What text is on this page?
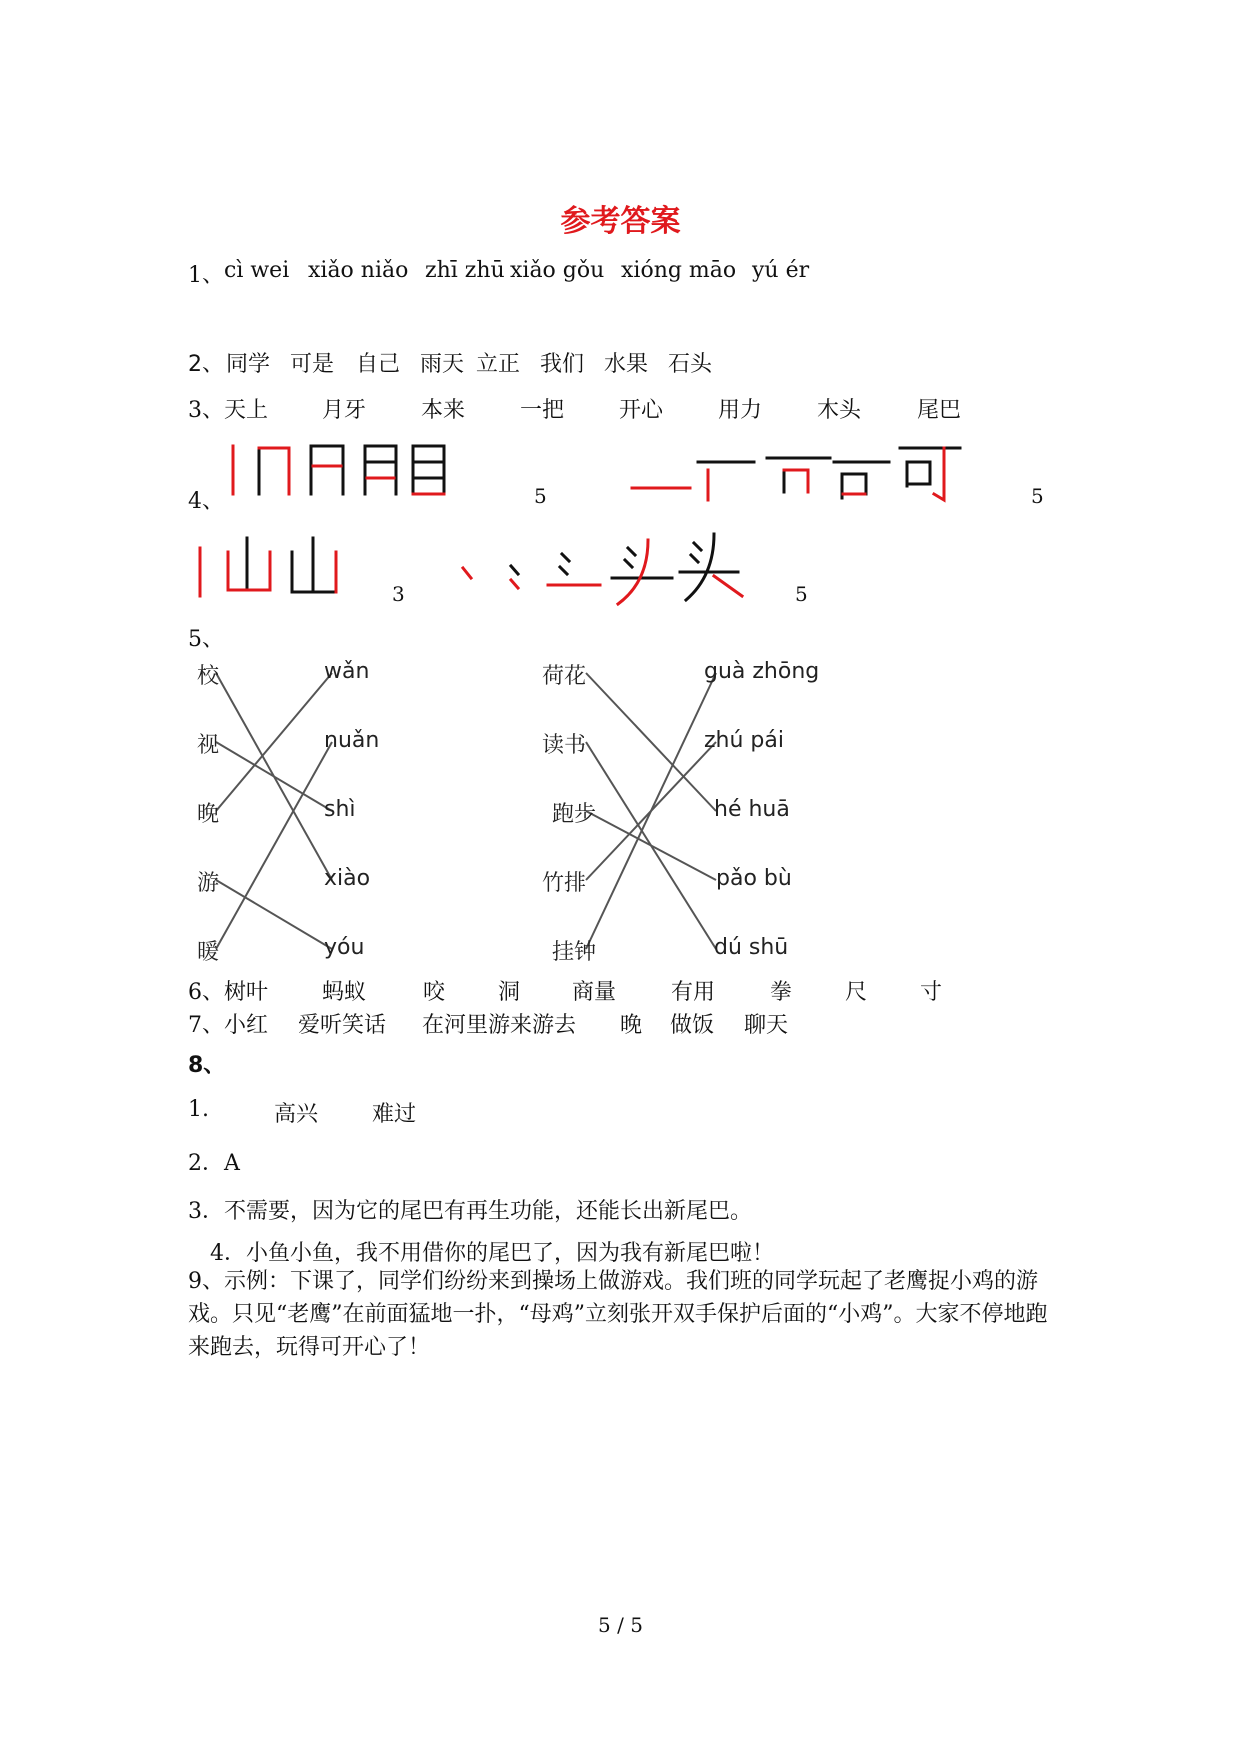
参考答案
1、 cì wei xiǎo niǎo zhī zhū xiǎo gǒu xióng māo yú ér
2、 同学 可是 自己 雨天 立正 我们 水果 石头
3、 天上 月牙 本来 一把 开心 用力 木头	尾巴
4、	5	5
3	5
5、
校
视
晚
游
暖
wǎn
nuǎn
shì
xiào
yóu
荷花
读书
跑步
竹排
挂钟
guà zhōng
zhú pái
hé huā
pǎo bù
dú shū
6、 树叶 蚂蚁	咬 洞 商量 有用 拳 尺 寸
7、 小红 爱听笑话 在河里游来游去 晚 做饭 聊天
8、
1.	高兴 难过
2．A
3．不需要，因为它的尾巴有再生功能，还能长出新尾巴。
4．小鱼小鱼，我不用借你的尾巴了，因为我有新尾巴啦！
9、示例：下课了，同学们纷纷来到操场上做游戏。我们班的同学玩起了老鹰捉小鸡的游戏。只见“老鹰”在前面猛地一扑，“母鸡”立刻张开双手保护后面的“小鸡”。大家不停地跑来跑去，玩得可开心了！
5 / 5
